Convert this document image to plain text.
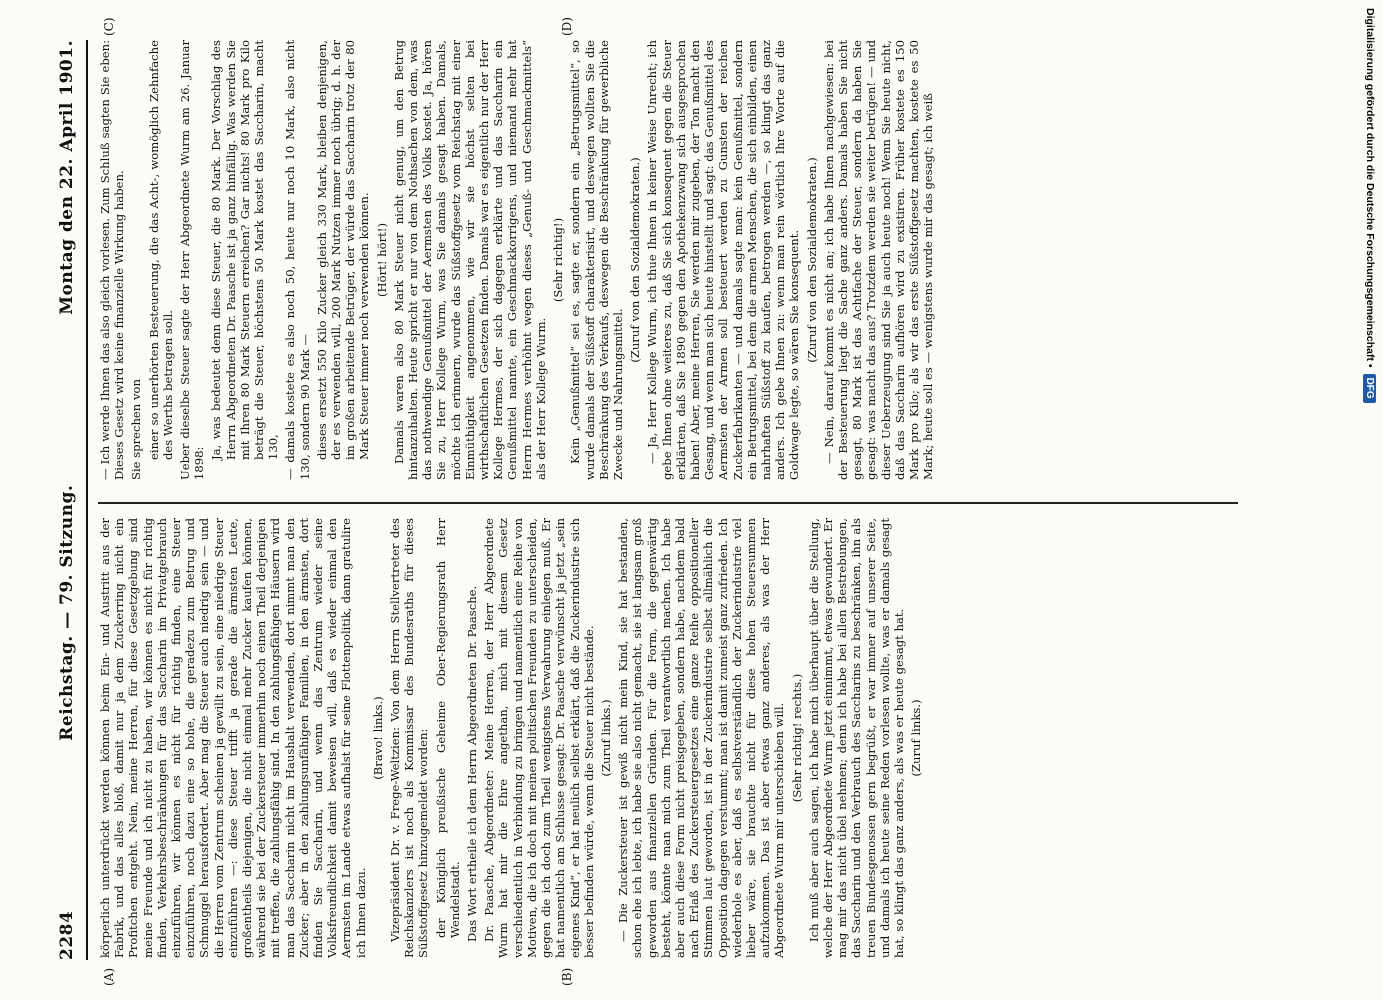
2284
Reichstag. — 79. Sitzung.
Montag den 22. April 1901.
(A)	(B)
(C)	(D)

körperlich unterdrückt werden können beim Ein- und Austritt aus der Fabrik, und das alles bloß, damit nur ja dem Zuckerring nicht ein Profitchen entgeht. Nein, meine Herren, für diese Gesetzgebung sind meine Freunde und ich nicht zu haben, wir können es nicht für richtig finden, Verkehrsbeschränkungen für das Saccharin im Privatgebrauch einzuführen, wir können es nicht für richtig finden, eine Steuer einzuführen, noch dazu eine so hohe, die geradezu zum Betrug und Schmuggel herausfordert. Aber mag die Steuer auch niedrig sein — und die Herren vom Zentrum scheinen ja gewillt zu sein, eine niedrige Steuer einzuführen —: diese Steuer trifft ja gerade die ärmsten Leute, großentheils diejenigen, die nicht einmal mehr Zucker kaufen können, während sie bei der Zuckersteuer immerhin noch einen Theil derjenigen mit treffen, die zahlungsfähig sind. In den zahlungsfähigen Häusern wird man das Saccharin nicht im Haushalt verwenden, dort nimmt man den Zucker; aber in den zahlungsunfähigen Familien, in den ärmsten, dort finden Sie Saccharin, und wenn das Zentrum wieder seine Volksfreundlichkeit damit beweisen will, daß es wieder einmal den Aermsten im Lande etwas aufhalst für seine Flottenpolitik, dann gratulire ich Ihnen dazu.

(Bravo! links.) Vizepräsident Dr. v. Frege-Weltzien: Von dem Herrn Stellvertreter des Reichskanzlers ist noch als Kommissar des Bundesraths für dieses Süßstoffgesetz hinzugemeldet worden: der Königlich preußische Geheime Ober-Regierungsrath Herr Wendelstadt. Das Wort ertheile ich dem Herrn Abgeordneten Dr. Paasche. Dr. Paasche, Abgeordneter: Meine Herren, der Herr Abgeordnete Wurm hat mir die Ehre angethan, mich mit diesem Gesetz verschiedentlich in Verbindung zu bringen und namentlich eine Reihe von Motiven, die ich doch mit meinen politischen Freunden zu unterscheiden, gegen die ich doch zum Theil wenigstens Verwahrung einlegen muß. Er hat namentlich am Schlusse gesagt: Dr. Paasche verwünscht ja jetzt „sein eigenes Kind“, er hat neulich selbst erklärt, daß die Zuckerindustrie sich besser befinden würde, wenn die Steuer nicht bestände. (Zuruf links.) — Die Zuckersteuer ist gewiß nicht mein Kind, sie hat bestanden, schon ehe ich lebte, ich habe sie also nicht gemacht, sie ist langsam groß geworden aus finanziellen Gründen. Für die Form, die gegenwärtig besteht, könnte man mich zum Theil verantwortlich machen. Ich habe aber auch diese Form nicht preisgegeben, sondern habe, nachdem bald nach Erlaß des Zuckersteuergesetzes eine ganze Reihe oppositioneller Stimmen laut geworden, ist in der Zuckerindustrie selbst allmählich die Opposition dagegen verstummt; man ist damit zumeist ganz zufrieden. Ich wiederhole es aber, daß es selbstverständlich der Zuckerindustrie viel lieber wäre, sie brauchte nicht für diese hohen Steuersummen aufzukommen. Das ist aber etwas ganz anderes, als was der Herr Abgeordnete Wurm mir unterschieben will. (Sehr richtig! rechts.) Ich muß aber auch sagen, ich habe mich überhaupt über die Stellung, welche der Herr Abgeordnete Wurm jetzt einnimmt, etwas gewundert. Er mag mir das nicht übel nehmen; denn ich habe bei allen Bestrebungen, das Saccharin und den Verbrauch des Saccharins zu beschränken, ihn als treuen Bundesgenossen gern begrüßt, er war immer auf unserer Seite, und damals ich heute seine Reden vorlesen wollte, was er damals gesagt hat, so klingt das ganz anders, als was er heute gesagt hat. (Zuruf links.)

— Ich werde Ihnen das also gleich vorlesen. Zum Schluß sagten Sie eben: Dieses Gesetz wird keine finanzielle Wirkung haben. Sie sprechen von einer so unerhörten Besteuerung, die das Acht-, womöglich Zehnfache des Werths betragen soll. Ueber dieselbe Steuer sagte der Herr Abgeordnete Wurm am 26. Januar 1898:

Ja, was bedeutet denn diese Steuer, die 80 Mark. Der Vorschlag des Herrn Abgeordneten Dr. Paasche ist ja ganz hinfällig. Was werden Sie mit Ihren 80 Mark Steuern erreichen? Gar nichts! 80 Mark pro Kilo beträgt die Steuer, höchstens 50 Mark kostet das Saccharin, macht 130, — damals kostete es also noch 50, heute nur noch 10 Mark, also nicht 130, sondern 90 Mark — dieses ersetzt 550 Kilo Zucker gleich 330 Mark, bleiben denjenigen, der es verwenden will, 200 Mark Nutzen immer noch übrig; d. h. der im großen arbeitende Betrüger, der würde das Saccharin trotz der 80 Mark Steuer immer noch verwenden können. (Hört! hört!) Damals waren also 80 Mark Steuer nicht genug, um den Betrug hintanzuhalten. Heute spricht er nur von dem Nothsachen von dem, was das nothwendige Genußmittel der Aermsten des Volks kostet. Ja, hören Sie zu, Herr Kollege Wurm, was Sie damals gesagt haben. Damals, möchte ich erinnern, wurde das Süßstoffgesetz vom Reichstag mit einer Einmüthigkeit angenommen, wie wir sie höchst selten bei wirthschaftlichen Gesetzen finden. Damals war es eigentlich nur der Herr Kollege Hermes, der sich dagegen erklärte und das Saccharin ein Genußmittel nannte, ein Geschmackkorrigens, und niemand mehr hat Herrn Hermes verhöhnt wegen dieses „Genuß- und Geschmackmittels“ als der Herr Kollege Wurm.

(Sehr richtig!) Kein „Genußmittel“ sei es, sagte er, sondern ein „Betrugsmittel“, so wurde damals der Süßstoff charakterisirt, und deswegen wollten Sie die Beschränkung des Verkaufs, deswegen die Beschränkung für gewerbliche Zwecke und Nahrungsmittel.

(Zuruf von den Sozialdemokraten.) — Ja, Herr Kollege Wurm, ich thue Ihnen in keiner Weise Unrecht; ich gebe Ihnen ohne weiteres zu, daß Sie sich konsequent gegen die Steuer erklärten, daß Sie 1890 gegen den Apothekenzwang sich ausgesprochen haben! Aber, meine Herren, Sie werden mir zugeben, der Ton macht den Gesang, und wenn man sich heute hinstellt und sagt: das Genußmittel des Aermsten der Armen soll besteuert werden zu Gunsten der reichen Zuckerfabrikanten — und damals sagte man: kein Genußmittel, sondern ein Betrugsmittel, bei dem die armen Menschen, die sich einbilden, einen nahrhaften Süßstoff zu kaufen, betrogen werden —, so klingt das ganz anders. Ich gebe Ihnen zu: wenn man rein wörtlich Ihre Worte auf die Goldwage legte, so wären Sie konsequent. (Zuruf von den Sozialdemokraten.) — Nein, darauf kommt es nicht an; ich habe Ihnen nachgewiesen: bei der Besteuerung liegt die Sache ganz anders. Damals haben Sie nicht gesagt, 80 Mark ist das Achtfache der Steuer, sondern da haben Sie gesagt: was macht das aus? Trotzdem werden sie weiter betrügen! — und dieser Ueberzeugung sind Sie ja auch heute noch! Wenn Sie heute nicht, daß das Saccharin aufhören wird zu existiren. Früher kostete es 150 Mark pro Kilo; als wir das erste Süßstoffgesetz machten, kostete es 50 Mark; heute soll es — wenigstens wurde mir das gesagt; ich weiß	Digitalisierung gefördert durch die Deutsche Forschungsgemeinschaft •
DFG
